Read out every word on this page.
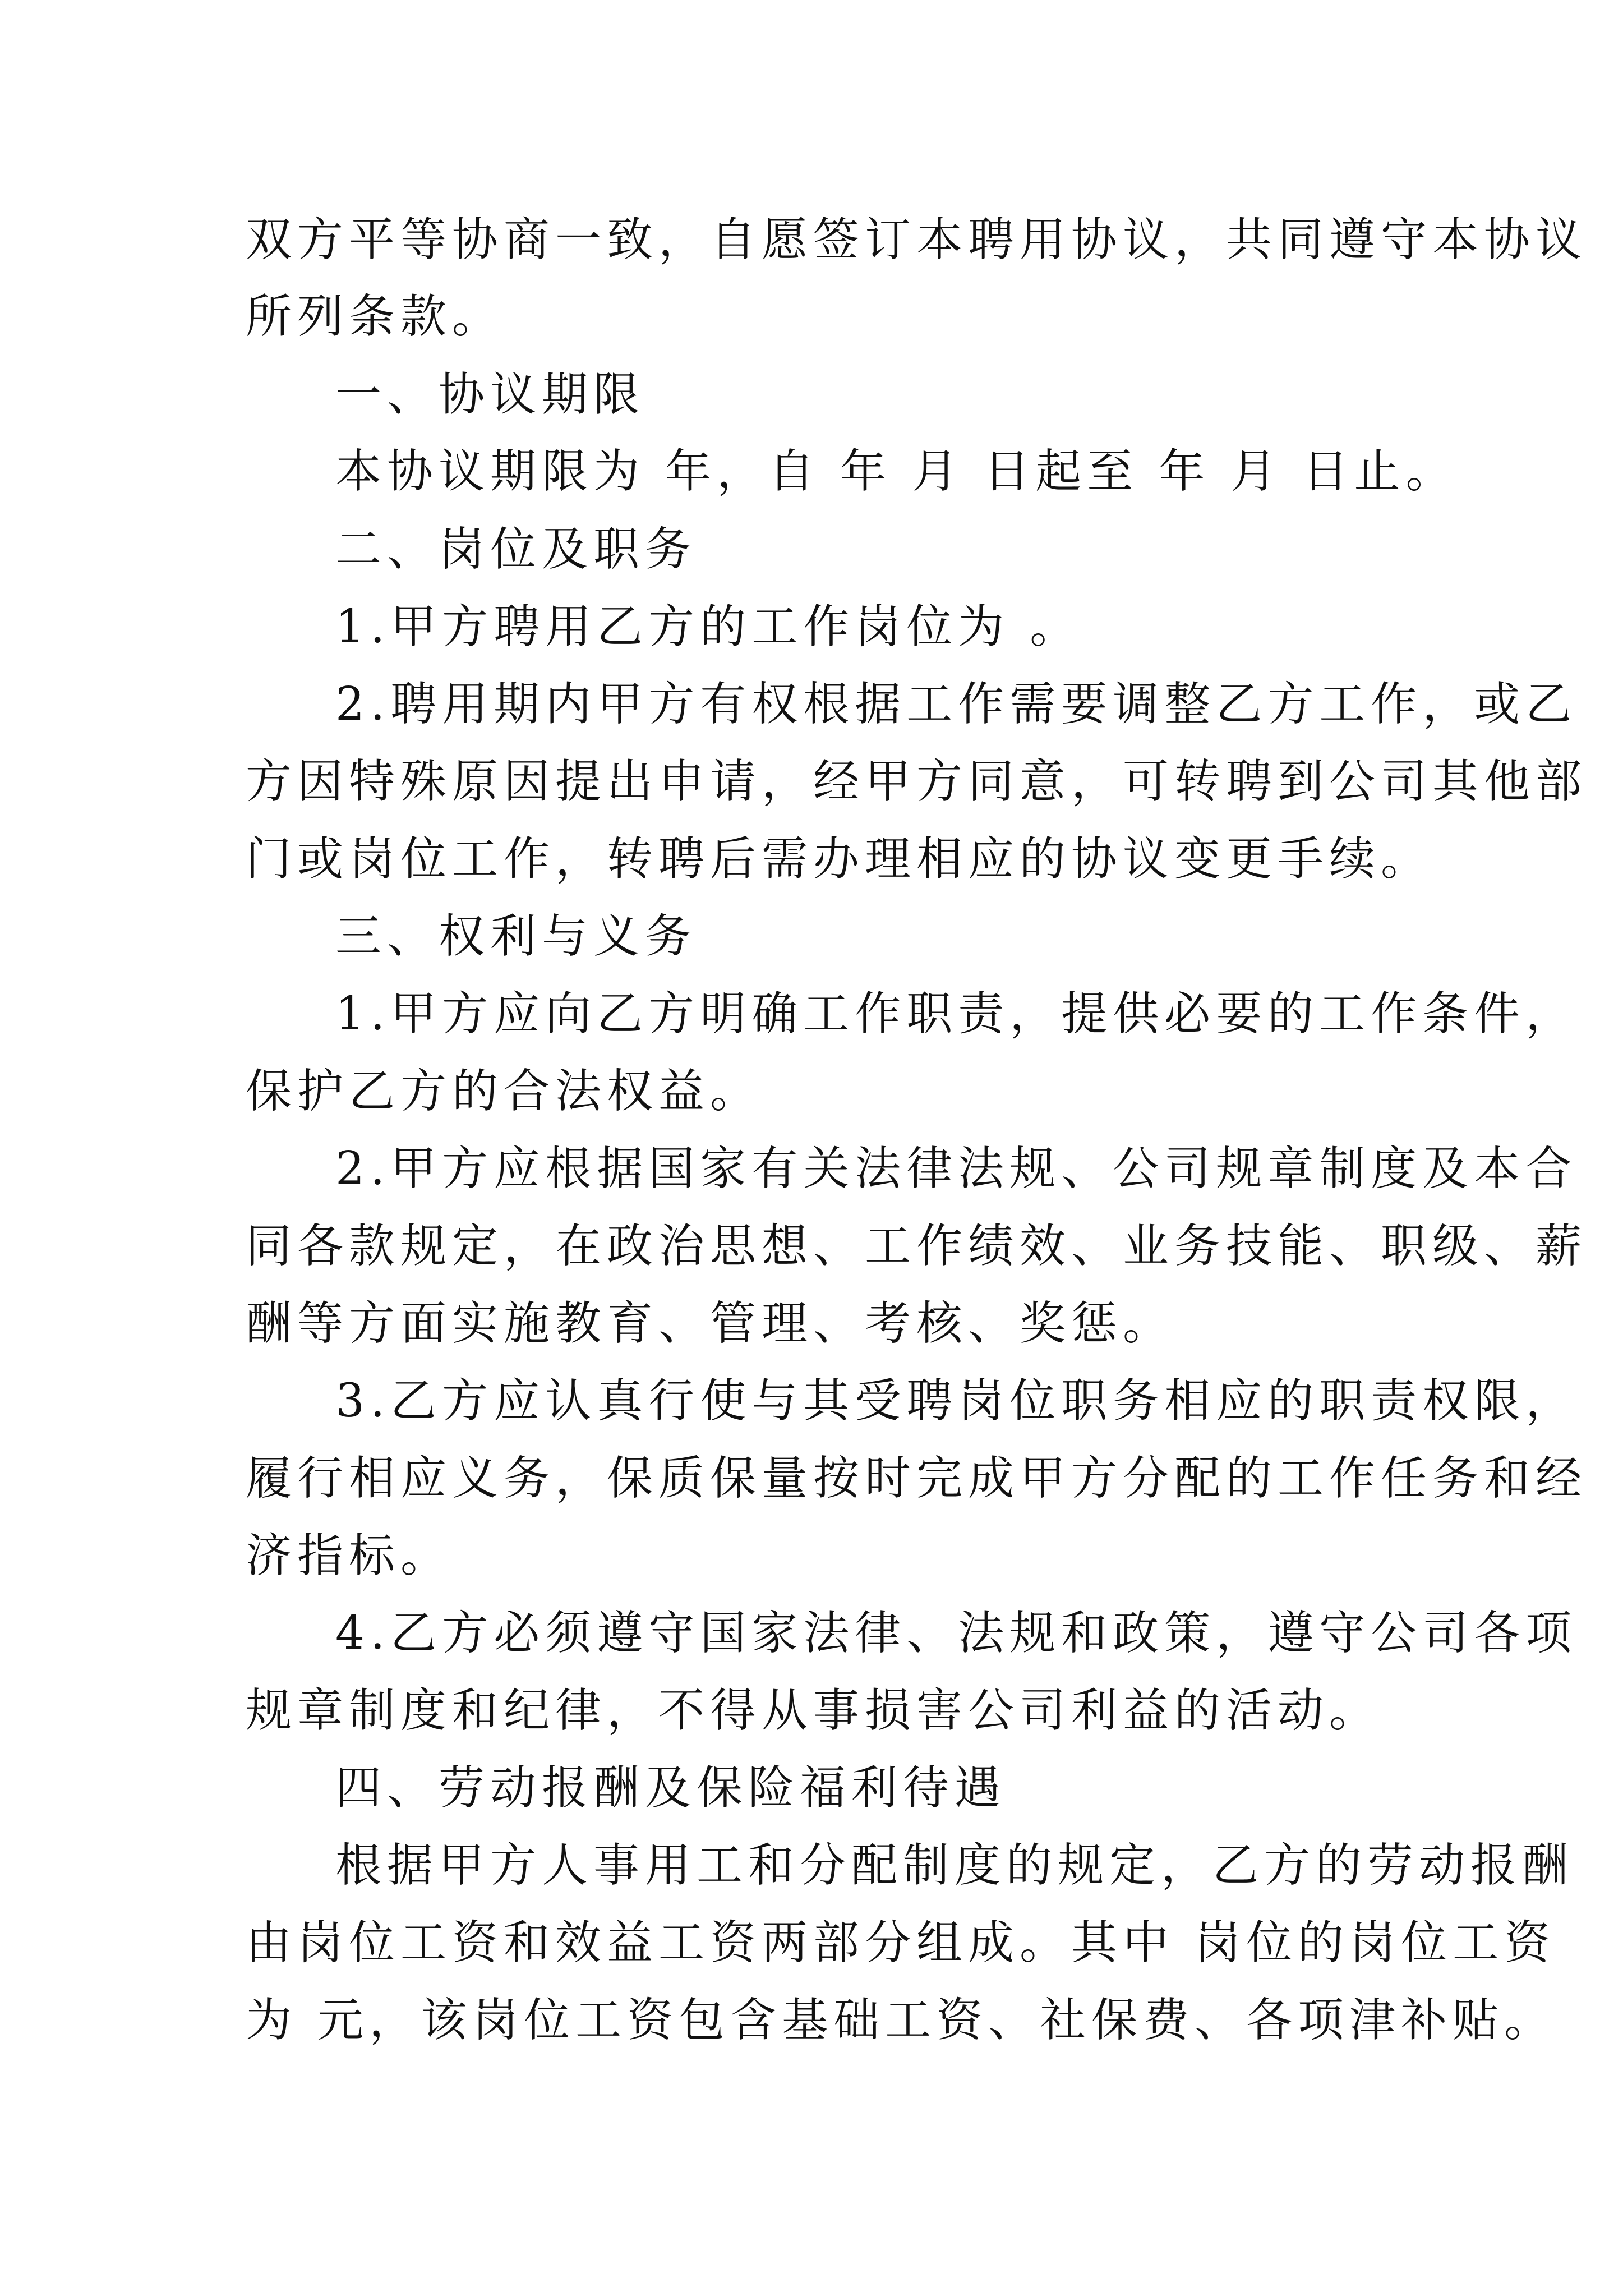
双方平等协商一致，自愿签订本聘用协议，共同遵守本协议
所列条款。
一、协议期限
本协议期限为 年，自 年 月 日起至 年 月 日止。
二、岗位及职务
1.甲方聘用乙方的工作岗位为 。
2.聘用期内甲方有权根据工作需要调整乙方工作，或乙
方因特殊原因提出申请，经甲方同意，可转聘到公司其他部
门或岗位工作，转聘后需办理相应的协议变更手续。
三、权利与义务
1.甲方应向乙方明确工作职责，提供必要的工作条件，
保护乙方的合法权益。
2.甲方应根据国家有关法律法规、公司规章制度及本合
同各款规定，在政治思想、工作绩效、业务技能、职级、薪
酬等方面实施教育、管理、考核、奖惩。
3.乙方应认真行使与其受聘岗位职务相应的职责权限，
履行相应义务，保质保量按时完成甲方分配的工作任务和经
济指标。
4.乙方必须遵守国家法律、法规和政策，遵守公司各项
规章制度和纪律，不得从事损害公司利益的活动。
四、劳动报酬及保险福利待遇
根据甲方人事用工和分配制度的规定，乙方的劳动报酬
由岗位工资和效益工资两部分组成。其中 岗位的岗位工资
为 元，该岗位工资包含基础工资、社保费、各项津补贴。
